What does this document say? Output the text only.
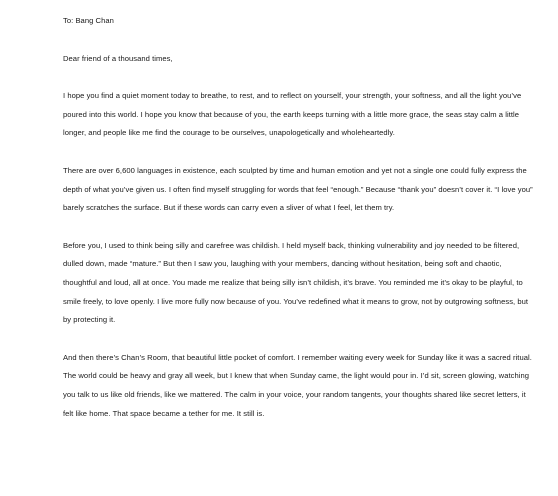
To: Bang Chan

Dear friend of a thousand times,

I hope you find a quiet moment today to breathe, to rest, and to reflect on yourself, your strength, your softness, and all the light you’ve poured into this world. I hope you know that because of you, the earth keeps turning with a little more grace, the seas stay calm a little longer, and people like me find the courage to be ourselves, unapologetically and wholeheartedly.

There are over 6,600 languages in existence, each sculpted by time and human emotion and yet not a single one could fully express the depth of what you’ve given us. I often find myself struggling for words that feel “enough.” Because “thank you” doesn’t cover it. “I love you” barely scratches the surface. But if these words can carry even a sliver of what I feel, let them try.

Before you, I used to think being silly and carefree was childish. I held myself back, thinking vulnerability and joy needed to be filtered, dulled down, made “mature.” But then I saw you, laughing with your members, dancing without hesitation, being soft and chaotic, thoughtful and loud, all at once. You made me realize that being silly isn’t childish, it’s brave. You reminded me it’s okay to be playful, to smile freely, to love openly. I live more fully now because of you. You’ve redefined what it means to grow, not by outgrowing softness, but by protecting it.

And then there’s Chan’s Room, that beautiful little pocket of comfort. I remember waiting every week for Sunday like it was a sacred ritual. The world could be heavy and gray all week, but I knew that when Sunday came, the light would pour in. I’d sit, screen glowing, watching you talk to us like old friends, like we mattered. The calm in your voice, your random tangents, your thoughts shared like secret letters, it felt like home. That space became a tether for me. It still is.
